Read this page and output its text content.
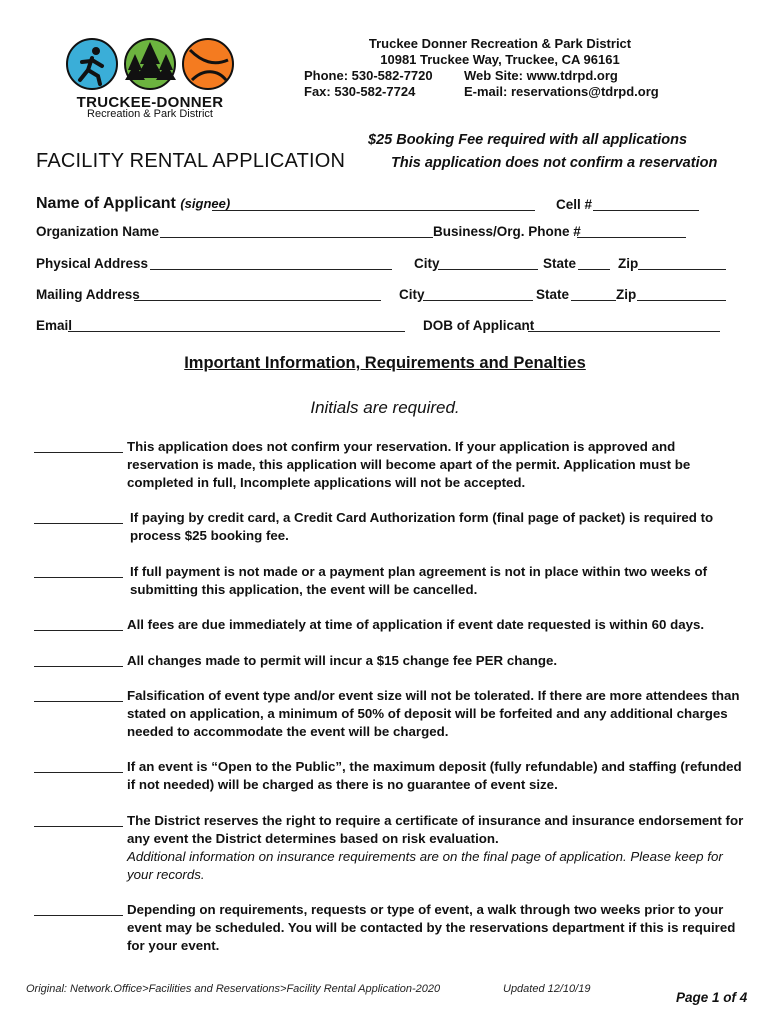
TRUCKEE-DONNER
Recreation & Park District
Truckee Donner Recreation & Park District
10981 Truckee Way, Truckee, CA 96161
Phone: 530-582-7720	Web Site: www.tdrpd.org
Fax: 530-582-7724	E-mail: reservations@tdrpd.org
$25 Booking Fee required with all applications
FACILITY RENTAL APPLICATION	This application does not confirm a reservation
Name of Applicant (signee)	Cell #
Organization Name	Business/Org. Phone #
Physical Address	City	State	Zip
Mailing Address	City	State	Zip
Email	DOB of Applicant
Important Information, Requirements and Penalties
Initials are required.
This application does not confirm your reservation. If your application is approved and reservation is made, this application will become apart of the permit. Application must be completed in full, Incomplete applications will not be accepted.
If paying by credit card, a Credit Card Authorization form (final page of packet) is required to process $25 booking fee.
If full payment is not made or a payment plan agreement is not in place within two weeks of submitting this application, the event will be cancelled.
All fees are due immediately at time of application if event date requested is within 60 days.
All changes made to permit will incur a $15 change fee PER change.
Falsification of event type and/or event size will not be tolerated. If there are more attendees than stated on application, a minimum of 50% of deposit will be forfeited and any additional charges needed to accommodate the event will be charged.
If an event is “Open to the Public”, the maximum deposit (fully refundable) and staffing (refunded if not needed) will be charged as there is no guarantee of event size.
The District reserves the right to require a certificate of insurance and insurance endorsement for any event the District determines based on risk evaluation.
Additional information on insurance requirements are on the final page of application. Please keep for your records.
Depending on requirements, requests or type of event, a walk through two weeks prior to your event may be scheduled. You will be contacted by the reservations department if this is required for your event.
Original: Network.Office>Facilities and Reservations>Facility Rental Application-2020	Updated 12/10/19
Page 1 of 4
